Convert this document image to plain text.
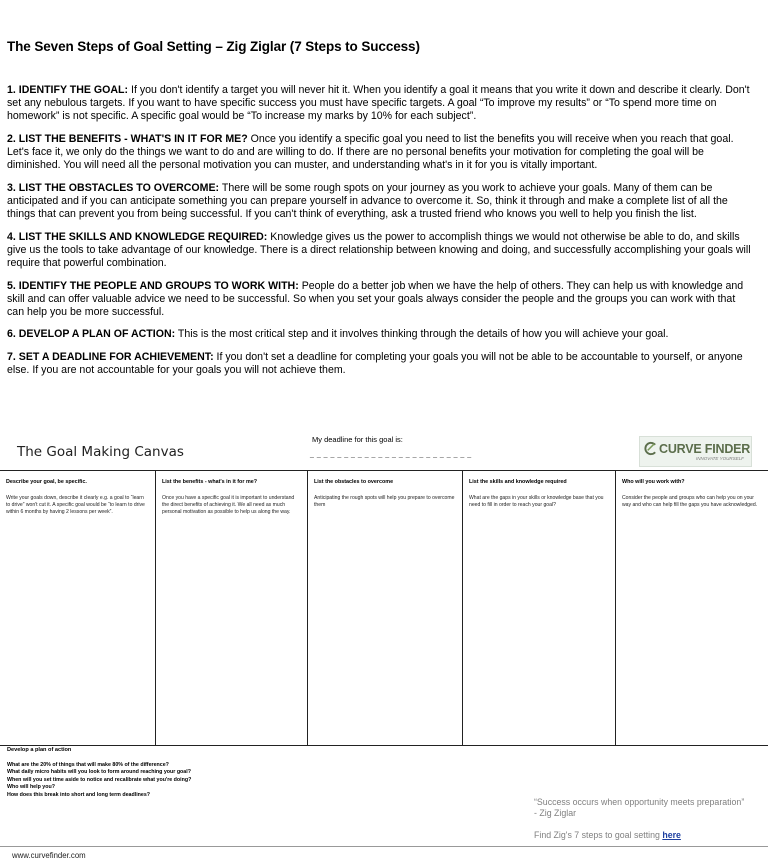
The Seven Steps of Goal Setting – Zig Ziglar (7 Steps to Success)

1. IDENTIFY THE GOAL: If you don't identify a target you will never hit it. When you identify a goal it means that you write it down and describe it clearly. Don't set any nebulous targets. If you want to have specific success you must have specific targets. A goal “To improve my results” or “To spend more time on homework” is not specific. A specific goal would be “To increase my marks by 10% for each subject”.

2. LIST THE BENEFITS - WHAT'S IN IT FOR ME? Once you identify a specific goal you need to list the benefits you will receive when you reach that goal. Let's face it, we only do the things we want to do and are willing to do. If there are no personal benefits your motivation for completing the goal will be diminished. You will need all the personal motivation you can muster, and understanding what's in it for you is vitally important.

3. LIST THE OBSTACLES TO OVERCOME: There will be some rough spots on your journey as you work to achieve your goals. Many of them can be anticipated and if you can anticipate something you can prepare yourself in advance to overcome it. So, think it through and make a complete list of all the things that can prevent you from being successful. If you can't think of everything, ask a trusted friend who knows you well to help you finish the list.

4. LIST THE SKILLS AND KNOWLEDGE REQUIRED: Knowledge gives us the power to accomplish things we would not otherwise be able to do, and skills give us the tools to take advantage of our knowledge. There is a direct relationship between knowing and doing, and successfully accomplishing your goals will require that powerful combination.

5. IDENTIFY THE PEOPLE AND GROUPS TO WORK WITH: People do a better job when we have the help of others. They can help us with knowledge and skill and can offer valuable advice we need to be successful. So when you set your goals always consider the people and the groups you can work with that can help you be more successful.

6. DEVELOP A PLAN OF ACTION: This is the most critical step and it involves thinking through the details of how you will achieve your goal.

7. SET A DEADLINE FOR ACHIEVEMENT: If you don't set a deadline for completing your goals you will not be able to be accountable to yourself, or anyone else. If you are not accountable for your goals you will not achieve them.

The Goal Making Canvas
My deadline for this goal is:
_ _ _ _ _ _ _ _ _ _ _ _ _ _ _ _ _ _ _ _ _ _ _ _	CURVE FINDER
INNOVATE YOURSELF
Describe your goal, be specific.

Write your goals down, describe it clearly e.g. a goal to “learn to drive” won't cut it. A specific goal would be “to learn to drive within 6 months by having 2 lessons per week”.

List the benefits - what's in it for me?

Once you have a specific goal it is important to understand the direct benefits of achieving it. We all need as much personal motivation as possible to help us along the way.

List the obstacles to overcome

Anticipating the rough spots will help you prepare to overcome them

List the skills and knowledge required

What are the gaps in your skills or knowledge base that you need to fill in order to reach your goal?

Who will you work with?

Consider the people and groups who can help you on your way and who can help fill the gaps you have acknowledged.

Develop a plan of action
What are the 20% of things that will make 80% of the difference?
What daily micro habits will you look to form around reaching your goal?
When will you set time aside to notice and recalibrate what you're doing?
Who will help you?
How does this break into short and long term deadlines?
“Success occurs when opportunity meets preparation”
- Zig Ziglar
Find Zig's 7 steps to goal setting here
www.curvefinder.com
